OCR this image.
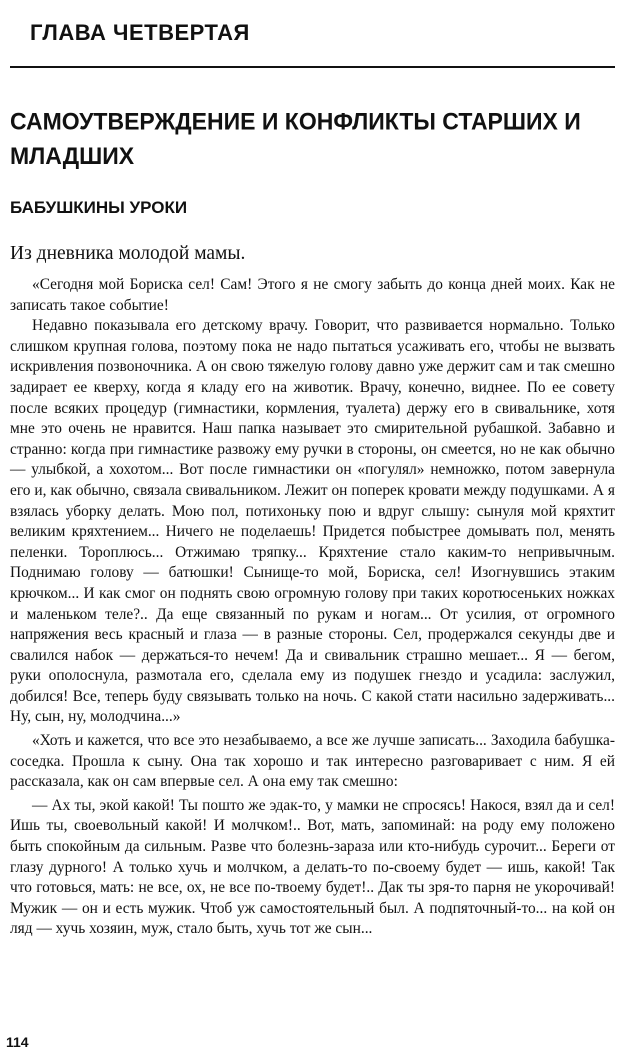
ГЛАВА ЧЕТВЕРТАЯ
САМОУТВЕРЖДЕНИЕ И КОНФЛИКТЫ СТАРШИХ И МЛАДШИХ
БАБУШКИНЫ УРОКИ

Из дневника молодой мамы.

«Сегодня мой Бориска сел! Сам! Этого я не смогу забыть до конца дней моих. Как не записать такое событие!

Недавно показывала его детскому врачу. Говорит, что развивается нормально. Только слишком крупная голова, поэтому пока не надо пытаться усаживать его, чтобы не вызвать искривления позвоночника. А он свою тяжелую голову давно уже держит сам и так смешно задирает ее кверху, когда я кладу его на животик. Врачу, конечно, виднее. По ее совету после всяких процедур (гимнастики, кормления, туалета) держу его в свивальнике, хотя мне это очень не нравится. Наш папка называет это смирительной рубашкой. Забавно и странно: когда при гимнастике развожу ему ручки в стороны, он смеется, но не как обычно — улыбкой, а хохотом... Вот после гимнастики он «погулял» немножко, потом завернула его и, как обычно, связала свивальником. Лежит он поперек кровати между подушками. А я взялась уборку делать. Мою пол, потихоньку пою и вдруг слышу: сынуля мой кряхтит великим кряхтением... Ничего не поделаешь! Придется побыстрее домывать пол, менять пеленки. Тороплюсь... Отжимаю тряпку... Кряхтение стало каким-то непривычным. Поднимаю голову — батюшки! Сынище-то мой, Бориска, сел! Изогнувшись этаким крючком... И как смог он поднять свою огромную голову при таких коротюсеньких ножках и маленьком теле?.. Да еще связанный по рукам и ногам... От усилия, от огромного напряжения весь красный и глаза — в разные стороны. Сел, продержался секунды две и свалился набок — держаться-то нечем! Да и свивальник страшно мешает... Я — бегом, руки ополоснула, размотала его, сделала ему из подушек гнездо и усадила: заслужил, добился! Все, теперь буду связывать только на ночь. С какой стати насильно задерживать... Ну, сын, ну, молодчина...»

«Хоть и кажется, что все это незабываемо, а все же лучше записать... Заходила бабушка-соседка. Прошла к сыну. Она так хорошо и так интересно разговаривает с ним. Я ей рассказала, как он сам впервые сел. А она ему так смешно:

— Ах ты, экой какой! Ты пошто же эдак-то, у мамки не спросясь! Накося, взял да и сел! Ишь ты, своевольный какой! И молчком!.. Вот, мать, запоминай: на роду ему положено быть спокойным да сильным. Разве что болезнь-зараза или кто-нибудь сурочит... Береги от глазу дурного! А только хучь и молчком, а делать-то по-своему будет — ишь, какой! Так что готовься, мать: не все, ох, не все по-твоему будет!.. Дак ты зря-то парня не укорочивай! Мужик — он и есть мужик. Чтоб уж самостоятельный был. А подпяточный-то... на кой он ляд — хучь хозяин, муж, стало быть, хучь тот же сын...

114
